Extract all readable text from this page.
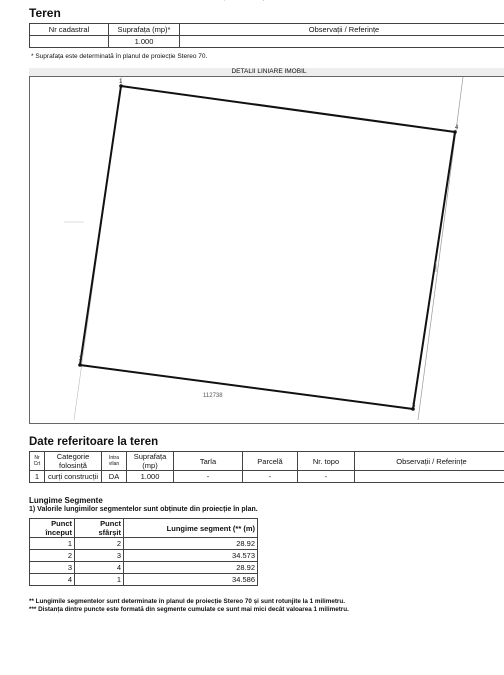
Teren
Nr cadastral	Suprafața (mp)*	Observații / Referințe
	1.000	
* Suprafața este determinată în planul de proiecție Stereo 70.
DETALII LINIARE IMOBIL
1
2
3
4
112738
Date referitoare la teren
Nr Crt	Categorie folosință	Intra vilan	Suprafața (mp)	Tarla	Parcelă	Nr. topo	Observații / Referințe
1	curți construcții	DA	1.000	-	-	-	
Lungime Segmente
1) Valorile lungimilor segmentelor sunt obținute din proiecție în plan.
Punct început	Punct sfârșit	Lungime segment (** (m)
1	2	28.92
2	3	34.573
3	4	28.92
4	1	34.586
** Lungimile segmentelor sunt determinate în planul de proiecție Stereo 70 și sunt rotunjite la 1 milimetru.
*** Distanța dintre puncte este formată din segmente cumulate ce sunt mai mici decât valoarea 1 milimetru.
